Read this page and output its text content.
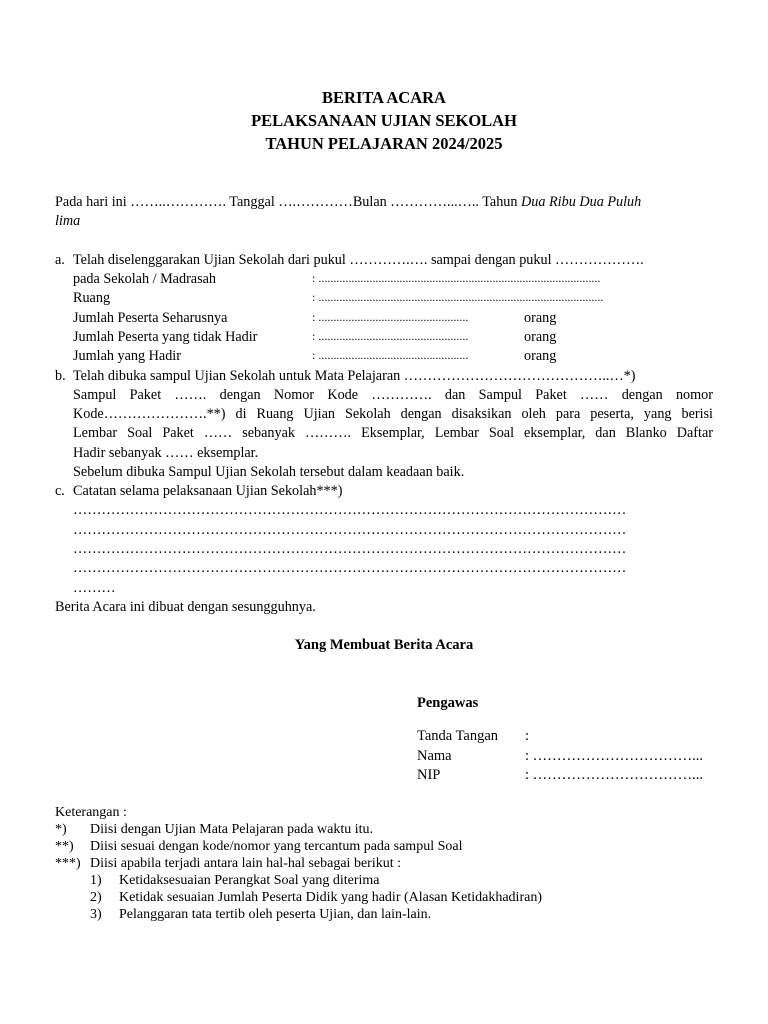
BERITA ACARA
PELAKSANAAN UJIAN SEKOLAH
TAHUN PELAJARAN 2024/2025
Pada hari ini ……..…………. Tanggal ….…………Bulan …………...….. Tahun Dua Ribu Dua Puluh
lima
a. Telah diselenggarakan Ujian Sekolah dari pukul ………….…. sampai dengan pukul ……………….
pada Sekolah / Madrasah	: ..............................................................................................
Ruang	: ...............................................................................................
Jumlah Peserta Seharusnya	: ..................................................	orang
Jumlah Peserta yang tidak Hadir	: ..................................................	orang
Jumlah yang Hadir	: ..................................................	orang
b. Telah dibuka sampul Ujian Sekolah untuk Mata Pelajaran ……………………………………..…*)
Sampul Paket ……. dengan Nomor Kode …………. dan Sampul Paket …… dengan nomor
Kode………………….**) di Ruang Ujian Sekolah dengan disaksikan oleh para peserta, yang berisi
Lembar Soal Paket …… sebanyak ………. Eksemplar, Lembar Soal eksemplar, dan Blanko Daftar
Hadir sebanyak …… eksemplar.
Sebelum dibuka Sampul Ujian Sekolah tersebut dalam keadaan baik.
c. Catatan selama pelaksanaan Ujian Sekolah***)
………………………………………………………………………………………………………
………………………………………………………………………………………………………
………………………………………………………………………………………………………
………………………………………………………………………………………………………
………
Berita Acara ini dibuat dengan sesungguhnya.
Yang Membuat Berita Acara
Pengawas
Tanda Tangan :
Nama	: ……………………………...
NIP	: ……………………………...
Keterangan :
*) Diisi dengan Ujian Mata Pelajaran pada waktu itu.
**) Diisi sesuai dengan kode/nomor yang tercantum pada sampul Soal
***) Diisi apabila terjadi antara lain hal-hal sebagai berikut :
1) Ketidaksesuaian Perangkat Soal yang diterima
2) Ketidak sesuaian Jumlah Peserta Didik yang hadir (Alasan Ketidakhadiran)
3) Pelanggaran tata tertib oleh peserta Ujian, dan lain-lain.
